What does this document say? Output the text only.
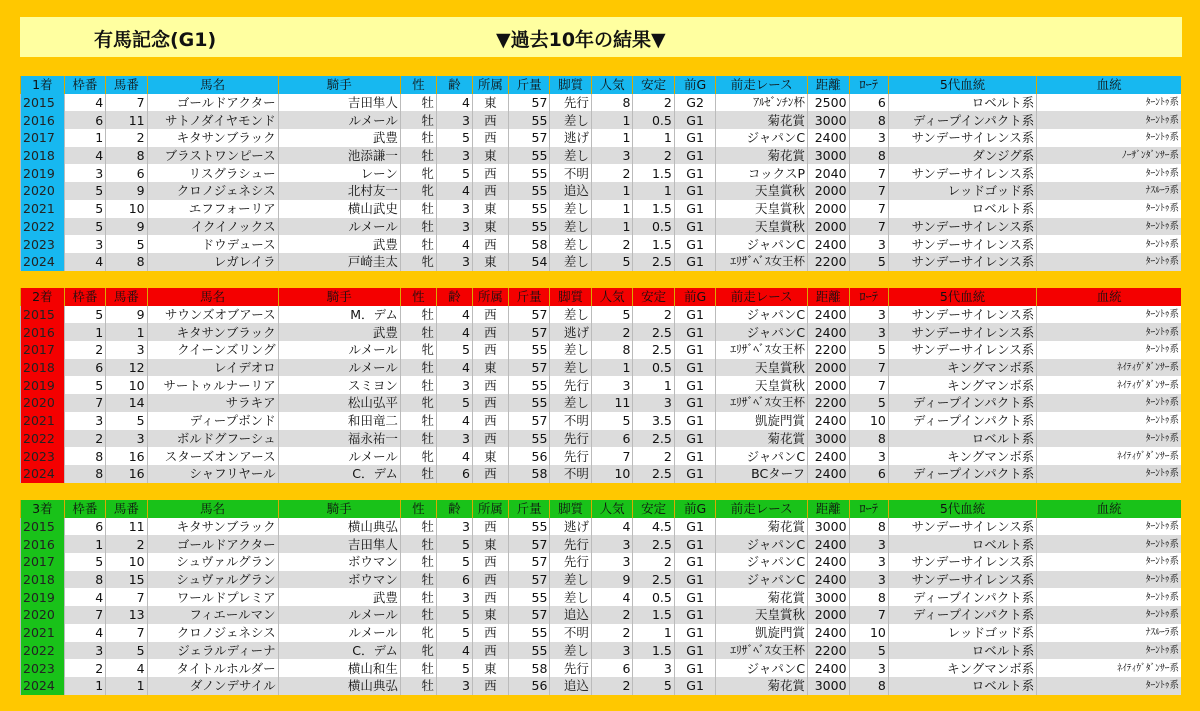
有馬記念(G1)	▼過去10年の結果▼
1着	枠番	馬番	馬名	騎手	性	齢	所属	斤量	脚質	人気	安定	前G	前走レース	距離	ﾛｰﾃ	5代血統	血統
2015	4	7	ゴールドアクター	吉田隼人	牡	4	東	57	先行	8	2	G2	ｱﾙｾﾞﾝﾁﾝ杯	2500	6	ロベルト系	ﾀｰﾝﾄｩ系
2016	6	11	サトノダイヤモンド	ルメール	牡	3	西	55	差し	1	0.5	G1	菊花賞	3000	8	ディープインパクト系	ﾀｰﾝﾄｩ系
2017	1	2	キタサンブラック	武豊	牡	5	西	57	逃げ	1	1	G1	ジャパンC	2400	3	サンデーサイレンス系	ﾀｰﾝﾄｩ系
2018	4	8	ブラストワンピース	池添謙一	牡	3	東	55	差し	3	2	G1	菊花賞	3000	8	ダンジグ系	ﾉｰｻﾞﾝﾀﾞﾝｻｰ系
2019	3	6	リスグラシュー	レーン	牝	5	西	55	不明	2	1.5	G1	コックスP	2040	7	サンデーサイレンス系	ﾀｰﾝﾄｩ系
2020	5	9	クロノジェネシス	北村友一	牝	4	西	55	追込	1	1	G1	天皇賞秋	2000	7	レッドゴッド系	ﾅｽﾙｰﾗ系
2021	5	10	エフフォーリア	横山武史	牡	3	東	55	差し	1	1.5	G1	天皇賞秋	2000	7	ロベルト系	ﾀｰﾝﾄｩ系
2022	5	9	イクイノックス	ルメール	牡	3	東	55	差し	1	0.5	G1	天皇賞秋	2000	7	サンデーサイレンス系	ﾀｰﾝﾄｩ系
2023	3	5	ドウデュース	武豊	牡	4	西	58	差し	2	1.5	G1	ジャパンC	2400	3	サンデーサイレンス系	ﾀｰﾝﾄｩ系
2024	4	8	レガレイラ	戸崎圭太	牝	3	東	54	差し	5	2.5	G1	ｴﾘｻﾞﾍﾞｽ女王杯	2200	5	サンデーサイレンス系	ﾀｰﾝﾄｩ系
2着	枠番	馬番	馬名	騎手	性	齢	所属	斤量	脚質	人気	安定	前G	前走レース	距離	ﾛｰﾃ	5代血統	血統
2015	5	9	サウンズオブアース	M．デム	牡	4	西	57	差し	5	2	G1	ジャパンC	2400	3	サンデーサイレンス系	ﾀｰﾝﾄｩ系
2016	1	1	キタサンブラック	武豊	牡	4	西	57	逃げ	2	2.5	G1	ジャパンC	2400	3	サンデーサイレンス系	ﾀｰﾝﾄｩ系
2017	2	3	クイーンズリング	ルメール	牝	5	西	55	差し	8	2.5	G1	ｴﾘｻﾞﾍﾞｽ女王杯	2200	5	サンデーサイレンス系	ﾀｰﾝﾄｩ系
2018	6	12	レイデオロ	ルメール	牡	4	東	57	差し	1	0.5	G1	天皇賞秋	2000	7	キングマンボ系	ﾈｲﾃｨｳﾞﾀﾞﾝｻｰ系
2019	5	10	サートゥルナーリア	スミヨン	牡	3	西	55	先行	3	1	G1	天皇賞秋	2000	7	キングマンボ系	ﾈｲﾃｨｳﾞﾀﾞﾝｻｰ系
2020	7	14	サラキア	松山弘平	牝	5	西	55	差し	11	3	G1	ｴﾘｻﾞﾍﾞｽ女王杯	2200	5	ディープインパクト系	ﾀｰﾝﾄｩ系
2021	3	5	ディープボンド	和田竜二	牡	4	西	57	不明	5	3.5	G1	凱旋門賞	2400	10	ディープインパクト系	ﾀｰﾝﾄｩ系
2022	2	3	ボルドグフーシュ	福永祐一	牡	3	西	55	先行	6	2.5	G1	菊花賞	3000	8	ロベルト系	ﾀｰﾝﾄｩ系
2023	8	16	スターズオンアース	ルメール	牝	4	東	56	先行	7	2	G1	ジャパンC	2400	3	キングマンボ系	ﾈｲﾃｨｳﾞﾀﾞﾝｻｰ系
2024	8	16	シャフリヤール	C．デム	牡	6	西	58	不明	10	2.5	G1	BCターフ	2400	6	ディープインパクト系	ﾀｰﾝﾄｩ系
3着	枠番	馬番	馬名	騎手	性	齢	所属	斤量	脚質	人気	安定	前G	前走レース	距離	ﾛｰﾃ	5代血統	血統
2015	6	11	キタサンブラック	横山典弘	牡	3	西	55	逃げ	4	4.5	G1	菊花賞	3000	8	サンデーサイレンス系	ﾀｰﾝﾄｩ系
2016	1	2	ゴールドアクター	吉田隼人	牡	5	東	57	先行	3	2.5	G1	ジャパンC	2400	3	ロベルト系	ﾀｰﾝﾄｩ系
2017	5	10	シュヴァルグラン	ボウマン	牡	5	西	57	先行	3	2	G1	ジャパンC	2400	3	サンデーサイレンス系	ﾀｰﾝﾄｩ系
2018	8	15	シュヴァルグラン	ボウマン	牡	6	西	57	差し	9	2.5	G1	ジャパンC	2400	3	サンデーサイレンス系	ﾀｰﾝﾄｩ系
2019	4	7	ワールドプレミア	武豊	牡	3	西	55	差し	4	0.5	G1	菊花賞	3000	8	ディープインパクト系	ﾀｰﾝﾄｩ系
2020	7	13	フィエールマン	ルメール	牡	5	東	57	追込	2	1.5	G1	天皇賞秋	2000	7	ディープインパクト系	ﾀｰﾝﾄｩ系
2021	4	7	クロノジェネシス	ルメール	牝	5	西	55	不明	2	1	G1	凱旋門賞	2400	10	レッドゴッド系	ﾅｽﾙｰﾗ系
2022	3	5	ジェラルディーナ	C．デム	牝	4	西	55	差し	3	1.5	G1	ｴﾘｻﾞﾍﾞｽ女王杯	2200	5	ロベルト系	ﾀｰﾝﾄｩ系
2023	2	4	タイトルホルダー	横山和生	牡	5	東	58	先行	6	3	G1	ジャパンC	2400	3	キングマンボ系	ﾈｲﾃｨｳﾞﾀﾞﾝｻｰ系
2024	1	1	ダノンデサイル	横山典弘	牡	3	西	56	追込	2	5	G1	菊花賞	3000	8	ロベルト系	ﾀｰﾝﾄｩ系
